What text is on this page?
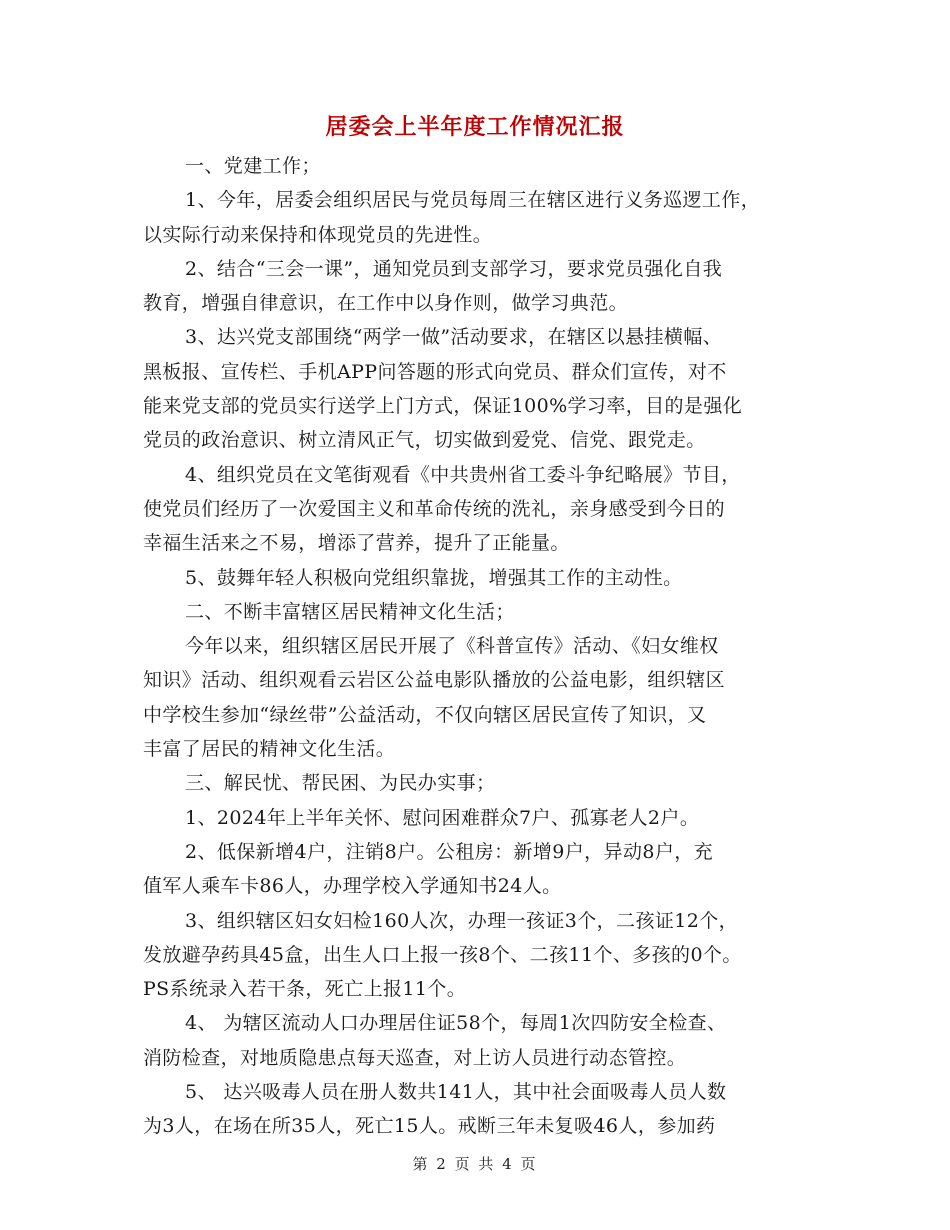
居委会上半年度工作情况汇报
一、党建工作；
1、今年，居委会组织居民与党员每周三在辖区进行义务巡逻工作，
以实际行动来保持和体现党员的先进性。
2、结合“三会一课”，通知党员到支部学习，要求党员强化自我
教育，增强自律意识，在工作中以身作则，做学习典范。
3、达兴党支部围绕“两学一做”活动要求，在辖区以悬挂横幅、
黑板报、宣传栏、手机APP问答题的形式向党员、群众们宣传，对不
能来党支部的党员实行送学上门方式，保证100%学习率，目的是强化
党员的政治意识、树立清风正气，切实做到爱党、信党、跟党走。
4、组织党员在文笔街观看《中共贵州省工委斗争纪略展》节目，
使党员们经历了一次爱国主义和革命传统的洗礼，亲身感受到今日的
幸福生活来之不易，增添了营养，提升了正能量。
5、鼓舞年轻人积极向党组织靠拢，增强其工作的主动性。
二、不断丰富辖区居民精神文化生活；
今年以来，组织辖区居民开展了《科普宣传》活动、《妇女维权
知识》活动、组织观看云岩区公益电影队播放的公益电影，组织辖区
中学校生参加“绿丝带”公益活动，不仅向辖区居民宣传了知识，又
丰富了居民的精神文化生活。
三、解民忧、帮民困、为民办实事；
1、2024年上半年关怀、慰问困难群众7户、孤寡老人2户。
2、低保新增4户，注销8户。公租房：新增9户，异动8户，充
值军人乘车卡86人，办理学校入学通知书24人。
3、组织辖区妇女妇检160人次，办理一孩证3个，二孩证12个，
发放避孕药具45盒，出生人口上报一孩8个、二孩11个、多孩的0个。
PS系统录入若干条，死亡上报11个。
4、 为辖区流动人口办理居住证58个，每周1次四防安全检查、
消防检查，对地质隐患点每天巡查，对上访人员进行动态管控。
5、 达兴吸毒人员在册人数共141人，其中社会面吸毒人员人数
为3人，在场在所35人，死亡15人。戒断三年未复吸46人，参加药
第 2 页 共 4 页
